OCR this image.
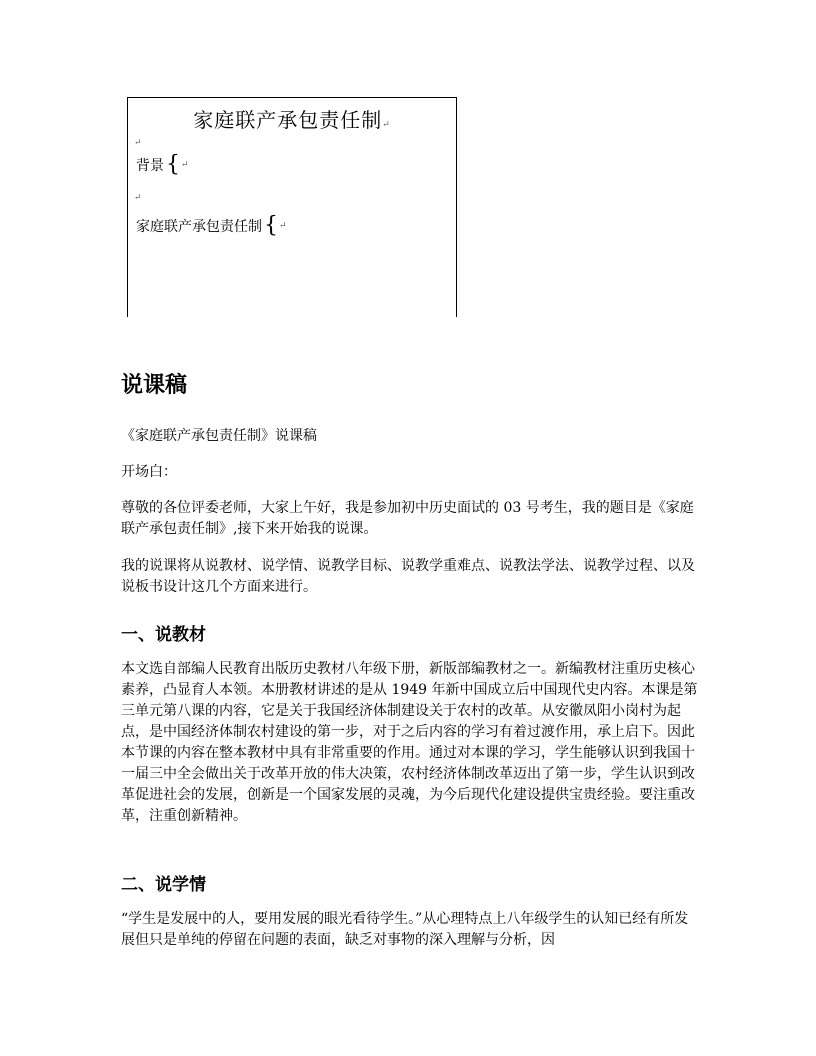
家庭联产承包责任制↵
↵
背景 { ↵
↵
家庭联产承包责任制 { ↵
说课稿

《家庭联产承包责任制》说课稿

开场白：

尊敬的各位评委老师，大家上午好，我是参加初中历史面试的 03 号考生，我的题目是《家庭联产承包责任制》,接下来开始我的说课。

我的说课将从说教材、说学情、说教学目标、说教学重难点、说教法学法、说教学过程、以及说板书设计这几个方面来进行。

一、说教材

本文选自部编人民教育出版历史教材八年级下册，新版部编教材之一。新编教材注重历史核心素养，凸显育人本领。本册教材讲述的是从 1949 年新中国成立后中国现代史内容。本课是第三单元第八课的内容，它是关于我国经济体制建设关于农村的改革。从安徽凤阳小岗村为起点，是中国经济体制农村建设的第一步，对于之后内容的学习有着过渡作用，承上启下。因此本节课的内容在整本教材中具有非常重要的作用。通过对本课的学习，学生能够认识到我国十一届三中全会做出关于改革开放的伟大决策，农村经济体制改革迈出了第一步，学生认识到改革促进社会的发展，创新是一个国家发展的灵魂，为今后现代化建设提供宝贵经验。要注重改革，注重创新精神。

二、说学情

“学生是发展中的人，要用发展的眼光看待学生。”从心理特点上八年级学生的认知已经有所发展但只是单纯的停留在问题的表面，缺乏对事物的深入理解与分析，因
